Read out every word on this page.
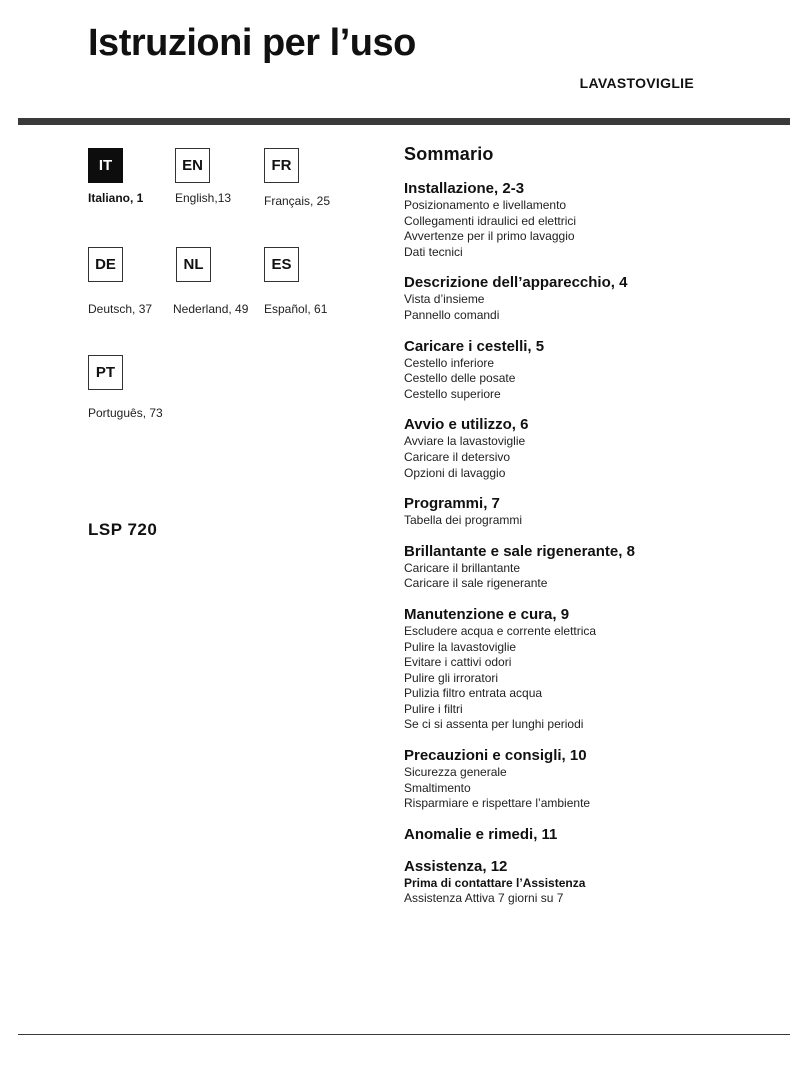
Istruzioni per l’uso
LAVASTOVIGLIE
IT
Italiano, 1
EN
English,13
FR
Français, 25
DE
Deutsch, 37
NL
Nederland, 49
ES
Español, 61
PT
Português, 73
LSP 720
Sommario
Installazione, 2-3
Posizionamento e livellamento
Collegamenti idraulici ed elettrici
Avvertenze per il primo lavaggio
Dati tecnici
Descrizione dell’apparecchio, 4
Vista d’insieme
Pannello comandi
Caricare i cestelli, 5
Cestello inferiore
Cestello delle posate
Cestello superiore
Avvio e utilizzo, 6
Avviare la lavastoviglie
Caricare il detersivo
Opzioni di lavaggio
Programmi, 7
Tabella dei programmi
Brillantante e sale rigenerante, 8
Caricare il brillantante
Caricare il sale rigenerante
Manutenzione e cura, 9
Escludere acqua e corrente elettrica
Pulire la lavastoviglie
Evitare i cattivi odori
Pulire gli irroratori
Pulizia filtro entrata acqua
Pulire i filtri
Se ci si assenta per lunghi periodi
Precauzioni e consigli, 10
Sicurezza generale
Smaltimento
Risparmiare e rispettare l’ambiente
Anomalie e rimedi, 11
Assistenza, 12
Prima di contattare l’Assistenza
Assistenza Attiva 7 giorni su 7
